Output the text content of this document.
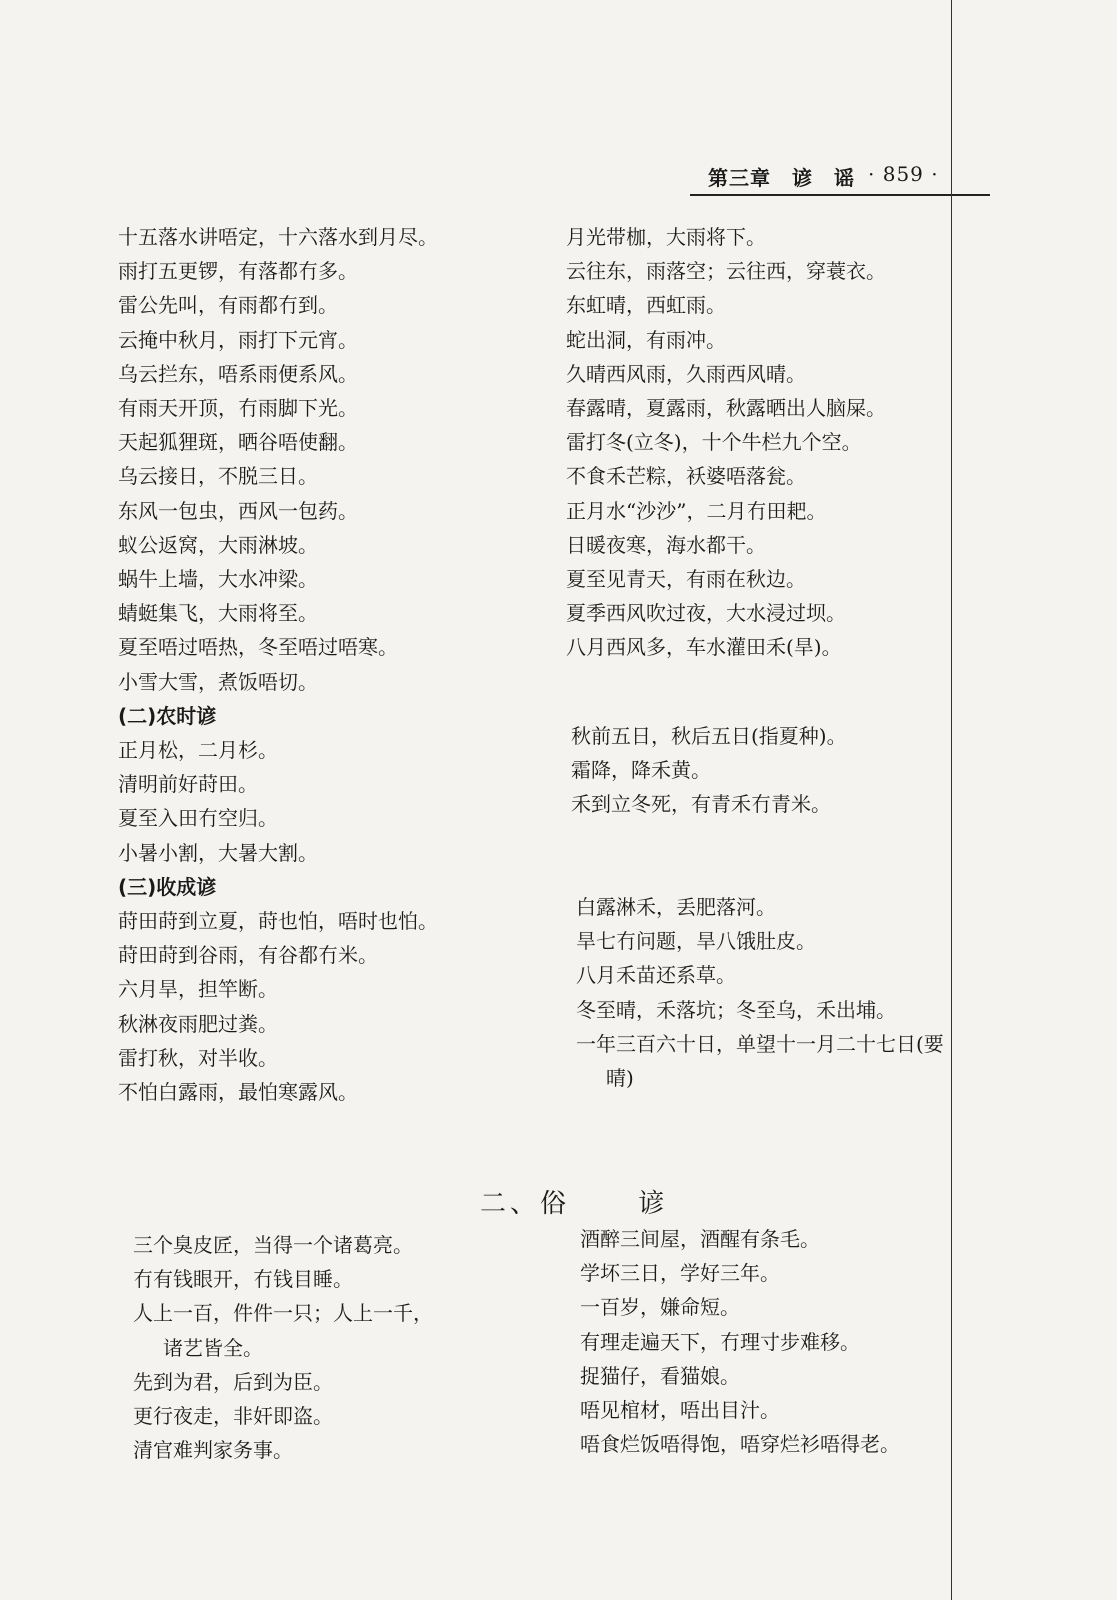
第三章　谚　谣 · 859 ·
十五落水讲唔定，十六落水到月尽。
雨打五更锣，有落都冇多。
雷公先叫，有雨都冇到。
云掩中秋月，雨打下元宵。
乌云拦东，唔系雨便系风。
有雨天开顶，冇雨脚下光。
天起狐狸斑，晒谷唔使翻。
乌云接日，不脱三日。
东风一包虫，西风一包药。
蚁公返窝，大雨淋坡。
蜗牛上墙，大水冲梁。
蜻蜓集飞，大雨将至。
夏至唔过唔热，冬至唔过唔寒。
小雪大雪，煮饭唔切。
(二)农时谚
正月松，二月杉。
清明前好莳田。
夏至入田冇空归。
小暑小割，大暑大割。
(三)收成谚
莳田莳到立夏，莳也怕，唔时也怕。
莳田莳到谷雨，有谷都冇米。
六月旱，担竿断。
秋淋夜雨肥过粪。
雷打秋，对半收。
不怕白露雨，最怕寒露风。
月光带枷，大雨将下。
云往东，雨落空；云往西，穿蓑衣。
东虹晴，西虹雨。
蛇出洞，有雨冲。
久晴西风雨，久雨西风晴。
春露晴，夏露雨，秋露晒出人脑屎。
雷打冬(立冬)，十个牛栏九个空。
不食禾芒粽，袄婆唔落瓮。
正月水“沙沙”，二月冇田耙。
日暖夜寒，海水都干。
夏至见青天，有雨在秋边。
夏季西风吹过夜，大水浸过坝。
八月西风多，车水灌田禾(旱)。
秋前五日，秋后五日(指夏种)。
霜降，降禾黄。
禾到立冬死，有青禾冇青米。
白露淋禾，丢肥落河。
旱七冇问题，旱八饿肚皮。
八月禾苗还系草。
冬至晴，禾落坑；冬至乌，禾出埔。
一年三百六十日，单望十一月二十七日(要
晴)
二、俗	谚
三个臭皮匠，当得一个诸葛亮。
冇有钱眼开，冇钱目睡。
人上一百，件件一只；人上一千，
诸艺皆全。
先到为君，后到为臣。
更行夜走，非奸即盗。
清官难判家务事。
酒醉三间屋，酒醒有条毛。
学坏三日，学好三年。
一百岁，嫌命短。
有理走遍天下，冇理寸步难移。
捉猫仔，看猫娘。
唔见棺材，唔出目汁。
唔食烂饭唔得饱，唔穿烂衫唔得老。
